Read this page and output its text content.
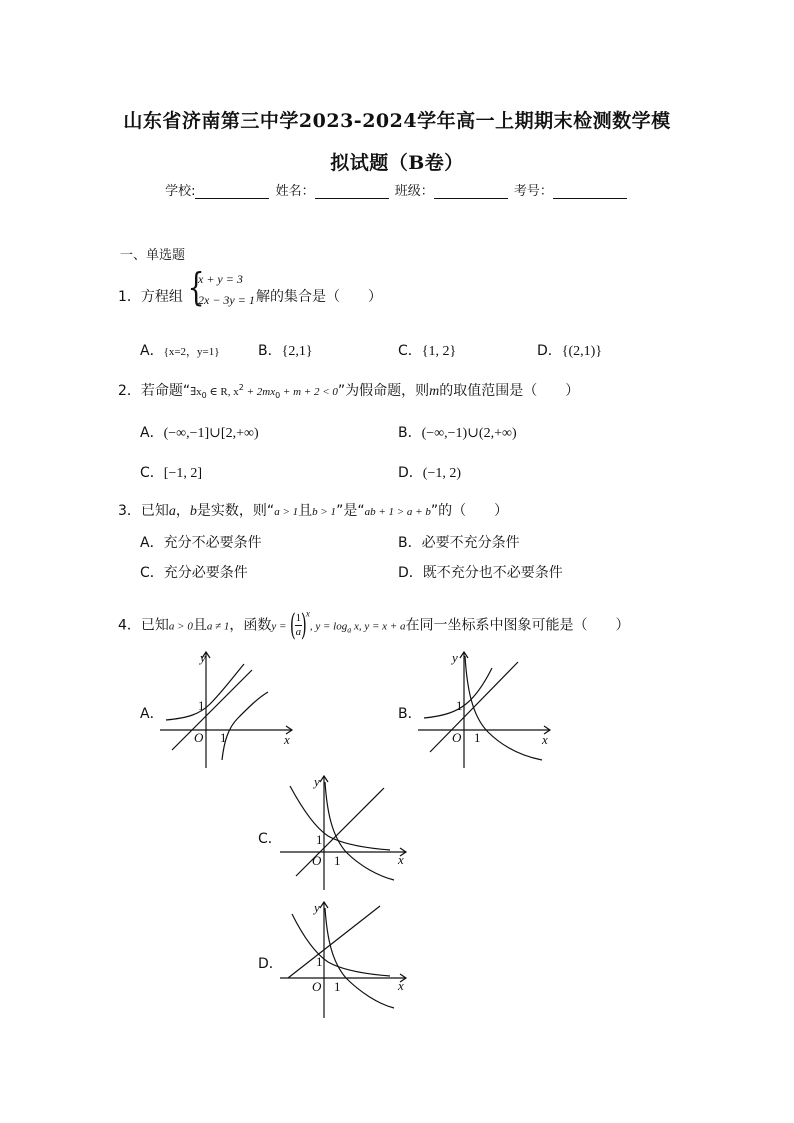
山东省济南第三中学2023-2024学年高一上期期末检测数学模
拟试题（B卷）
学校:	姓名：	班级：	考号：
一、单选题
1．方程组 {
x + y = 3
2x − 3y = 1 解的集合是（　　）
A．{x=2，y=1}	B．{2,1}	C．{1, 2}	D．{(2,1)}
2．若命题“$\exists x_0$ ∈ R, $x^2 + 2mx_0 + m + 2 < 0$”为假命题，则m的取值范围是（　　）
A．(−∞,−1]∪[2,+∞)	B．(−∞,−1)∪(2,+∞)
C．[−1, 2]	D．(−1, 2)
3．已知a，b是实数，则“a > 1且b > 1”是“ab + 1 > a + b”的（　　）
A．充分不必要条件	B．必要不充分条件
C．充分必要条件	D．既不充分也不必要条件
4．已知a > 0且a ≠ 1，函数y = (
$\frac{1}{a}$
)$^x$, $y = \log_a x$, y = x + a在同一坐标系中图象可能是（　　）
A．
1
O 1	x
y
B．
1
O 1	x
y
C．	1
O 1	x
y
D．	1
O 1	x
y
